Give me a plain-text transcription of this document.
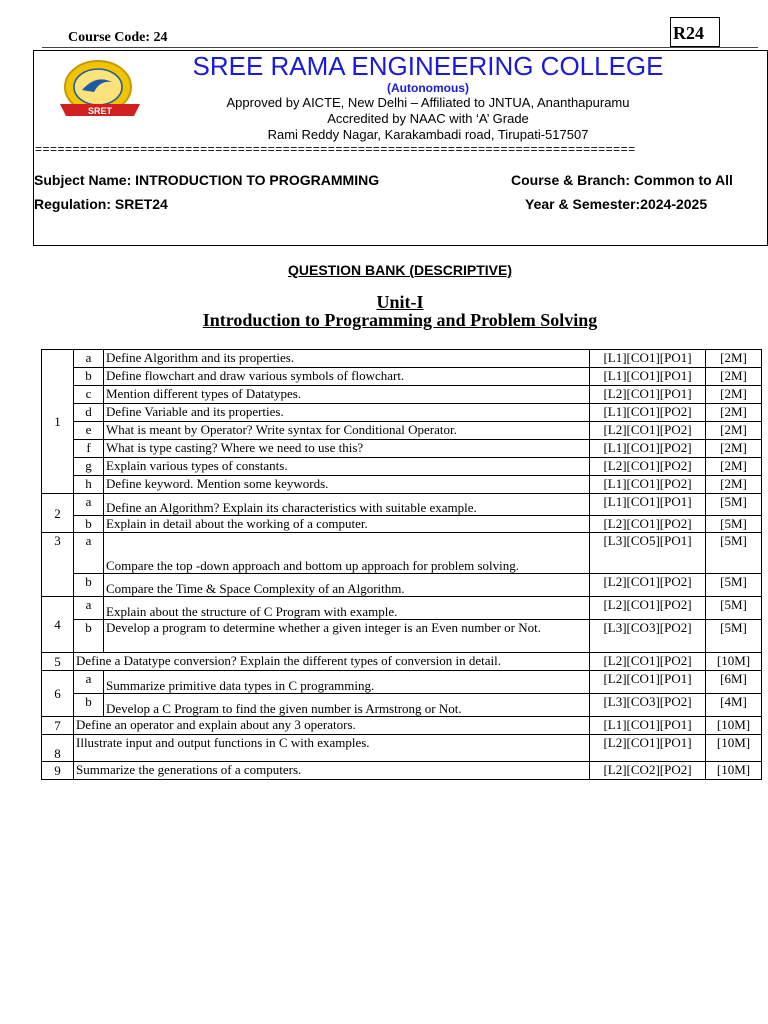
Course Code: 24	R24
SRET
SREE RAMA ENGINEERING COLLEGE
(Autonomous)
Approved by AICTE, New Delhi – Affiliated to JNTUA, Ananthapuramu
Accredited by NAAC with ‘A’ Grade
Rami Reddy Nagar, Karakambadi road, Tirupati-517507
================================================================================
Subject Name: INTRODUCTION TO PROGRAMMING	Course & Branch: Common to All
Regulation: SRET24	Year & Semester:2024-2025
QUESTION BANK (DESCRIPTIVE)
Unit-I
Introduction to Programming and Problem Solving
1	a	Define Algorithm and its properties.	[L1][CO1][PO1]	[2M]
	b	Define flowchart and draw various symbols of flowchart.	[L1][CO1][PO1]	[2M]
	c	Mention different types of Datatypes.	[L2][CO1][PO1]	[2M]
	d	Define Variable and its properties.	[L1][CO1][PO2]	[2M]
	e	What is meant by Operator? Write syntax for Conditional Operator.	[L2][CO1][PO2]	[2M]
	f	What is type casting? Where we need to use this?	[L1][CO1][PO2]	[2M]
	g	Explain various types of constants.	[L2][CO1][PO2]	[2M]
	h	Define keyword. Mention some keywords.	[L1][CO1][PO2]	[2M]
2	a	Define an Algorithm? Explain its characteristics with suitable example.	[L1][CO1][PO1]	[5M]
	b	Explain in detail about the working of a computer.	[L2][CO1][PO2]	[5M]
3	a	Compare the top -down approach and bottom up approach for problem solving.	[L3][CO5][PO1]	[5M]
	b	Compare the Time & Space Complexity of an Algorithm.	[L2][CO1][PO2]	[5M]
4	a	Explain about the structure of C Program with example.	[L2][CO1][PO2]	[5M]
	b	Develop a program to determine whether a given integer is an Even number or Not.	[L3][CO3][PO2]	[5M]
5	Define a Datatype conversion? Explain the different types of conversion in detail.		[L2][CO1][PO2]	[10M]
6	a	Summarize primitive data types in C programming.	[L2][CO1][PO1]	[6M]
	b	Develop a C Program to find the given number is Armstrong or Not.	[L3][CO3][PO2]	[4M]
7	Define an operator and explain about any 3 operators.		[L1][CO1][PO1]	[10M]
8	Illustrate input and output functions in C with examples.		[L2][CO1][PO1]	[10M]
9	Summarize the generations of a computers.		[L2][CO2][PO2]	[10M]
